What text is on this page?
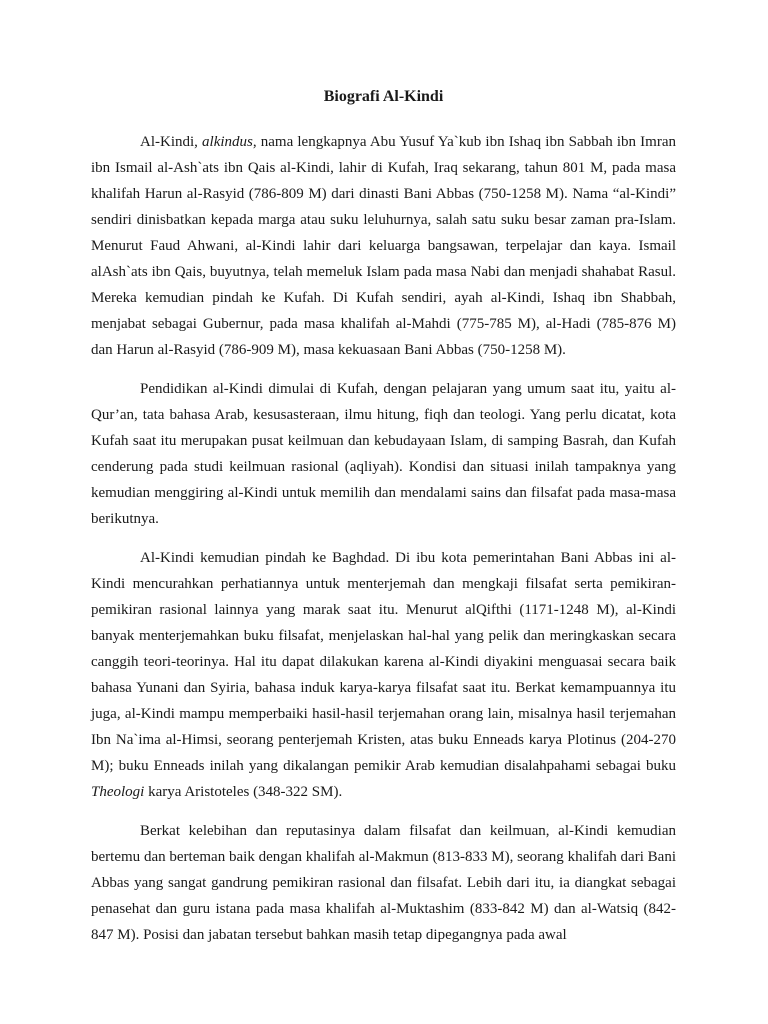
Biografi Al-Kindi

Al-Kindi, alkindus, nama lengkapnya Abu Yusuf Ya`kub ibn Ishaq ibn Sabbah ibn Imran ibn Ismail al-Ash`ats ibn Qais al-Kindi, lahir di Kufah, Iraq sekarang, tahun 801 M, pada masa khalifah Harun al-Rasyid (786-809 M) dari dinasti Bani Abbas (750-1258 M). Nama “al-Kindi” sendiri dinisbatkan kepada marga atau suku leluhurnya, salah satu suku besar zaman pra-Islam. Menurut Faud Ahwani, al-Kindi lahir dari keluarga bangsawan, terpelajar dan kaya. Ismail alAsh`ats ibn Qais, buyutnya, telah memeluk Islam pada masa Nabi dan menjadi shahabat Rasul. Mereka kemudian pindah ke Kufah. Di Kufah sendiri, ayah al-Kindi, Ishaq ibn Shabbah, menjabat sebagai Gubernur, pada masa khalifah al-Mahdi (775-785 M), al-Hadi (785-876 M) dan Harun al-Rasyid (786-909 M), masa kekuasaan Bani Abbas (750-1258 M).

Pendidikan al-Kindi dimulai di Kufah, dengan pelajaran yang umum saat itu, yaitu al-Qur’an, tata bahasa Arab, kesusasteraan, ilmu hitung, fiqh dan teologi. Yang perlu dicatat, kota Kufah saat itu merupakan pusat keilmuan dan kebudayaan Islam, di samping Basrah, dan Kufah cenderung pada studi keilmuan rasional (aqliyah). Kondisi dan situasi inilah tampaknya yang kemudian menggiring al-Kindi untuk memilih dan mendalami sains dan filsafat pada masa-masa berikutnya.

Al-Kindi kemudian pindah ke Baghdad. Di ibu kota pemerintahan Bani Abbas ini al-Kindi mencurahkan perhatiannya untuk menterjemah dan mengkaji filsafat serta pemikiran-pemikiran rasional lainnya yang marak saat itu. Menurut alQifthi (1171-1248 M), al-Kindi banyak menterjemahkan buku filsafat, menjelaskan hal-hal yang pelik dan meringkaskan secara canggih teori-teorinya. Hal itu dapat dilakukan karena al-Kindi diyakini menguasai secara baik bahasa Yunani dan Syiria, bahasa induk karya-karya filsafat saat itu. Berkat kemampuannya itu juga, al-Kindi mampu memperbaiki hasil-hasil terjemahan orang lain, misalnya hasil terjemahan Ibn Na`ima al-Himsi, seorang penterjemah Kristen, atas buku Enneads karya Plotinus (204-270 M); buku Enneads inilah yang dikalangan pemikir Arab kemudian disalahpahami sebagai buku Theologi karya Aristoteles (348-322 SM).

Berkat kelebihan dan reputasinya dalam filsafat dan keilmuan, al-Kindi kemudian bertemu dan berteman baik dengan khalifah al-Makmun (813-833 M), seorang khalifah dari Bani Abbas yang sangat gandrung pemikiran rasional dan filsafat. Lebih dari itu, ia diangkat sebagai penasehat dan guru istana pada masa khalifah al-Muktashim (833-842 M) dan al-Watsiq (842-847 M). Posisi dan jabatan tersebut bahkan masih tetap dipegangnya pada awal
